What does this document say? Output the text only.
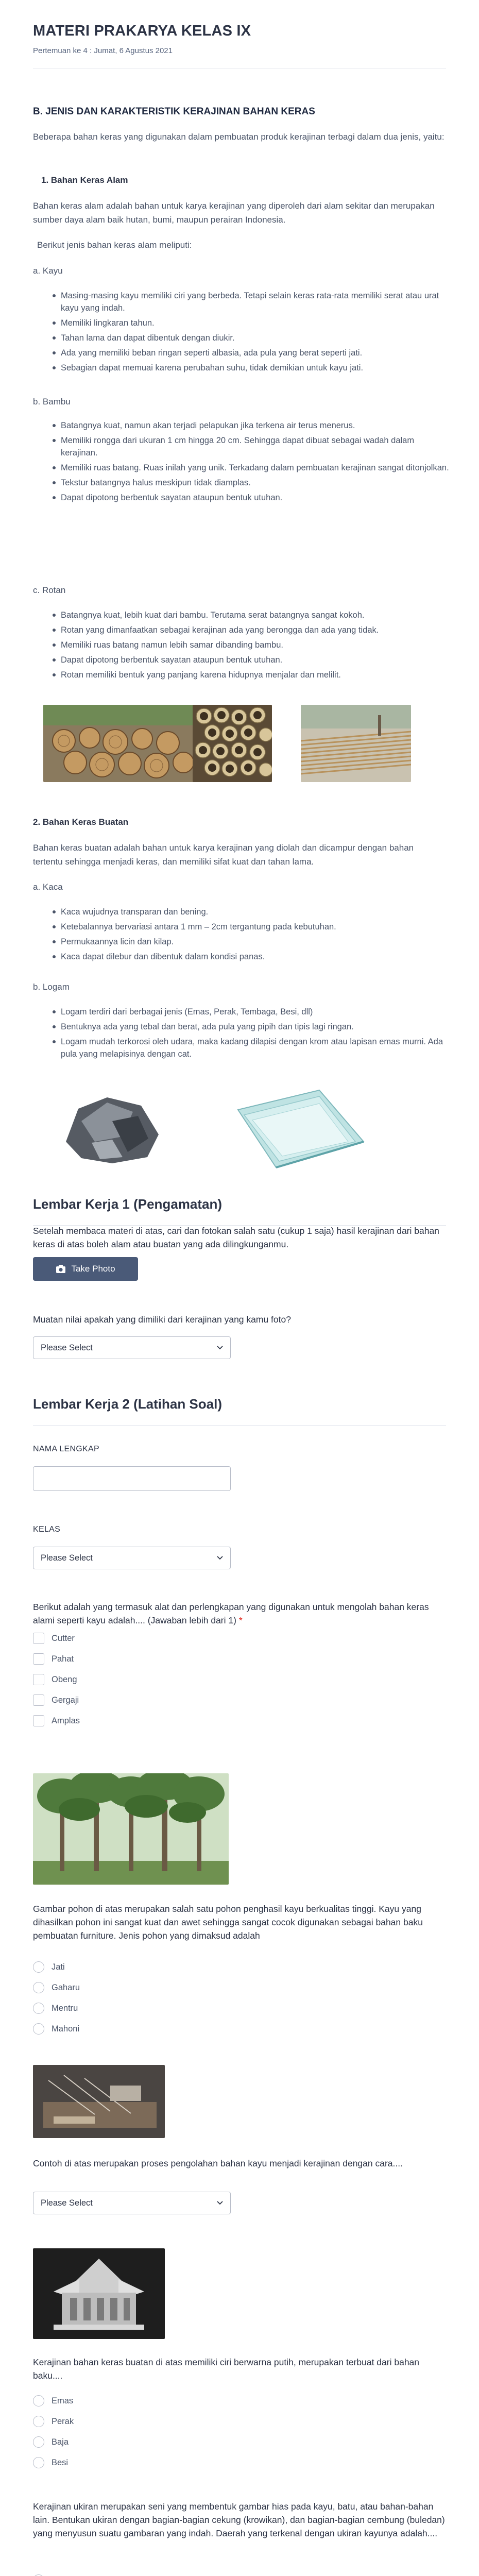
MATERI PRAKARYA KELAS IX
Pertemuan ke 4 : Jumat, 6 Agustus 2021
B. JENIS DAN KARAKTERISTIK KERAJINAN BAHAN KERAS
Beberapa bahan keras yang digunakan dalam pembuatan produk kerajinan terbagi dalam dua jenis, yaitu:
1. Bahan Keras Alam
Bahan keras alam adalah bahan untuk karya kerajinan yang diperoleh dari alam sekitar dan merupakan sumber daya alam baik hutan, bumi, maupun perairan Indonesia.
Berikut jenis bahan keras alam meliputi:
a. Kayu
Masing-masing kayu memiliki ciri yang berbeda. Tetapi selain keras rata-rata memiliki serat atau urat kayu yang indah.
Memiliki lingkaran tahun.
Tahan lama dan dapat dibentuk dengan diukir.
Ada yang memiliki beban ringan seperti albasia, ada pula yang berat seperti jati.
Sebagian dapat memuai karena perubahan suhu, tidak demikian untuk kayu jati.
b. Bambu
Batangnya kuat, namun akan terjadi pelapukan jika terkena air terus menerus.
Memiliki rongga dari ukuran 1 cm hingga 20 cm. Sehingga dapat dibuat sebagai wadah dalam kerajinan.
Memiliki ruas batang. Ruas inilah yang unik. Terkadang dalam pembuatan kerajinan sangat ditonjolkan.
Tekstur batangnya halus meskipun tidak diamplas.
Dapat dipotong berbentuk sayatan ataupun bentuk utuhan.
c. Rotan
Batangnya kuat, lebih kuat dari bambu. Terutama serat batangnya sangat kokoh.
Rotan yang dimanfaatkan sebagai kerajinan ada yang berongga dan ada yang tidak.
Memiliki ruas batang namun lebih samar dibanding bambu.
Dapat dipotong berbentuk sayatan ataupun bentuk utuhan.
Rotan memiliki bentuk yang panjang karena hidupnya menjalar dan melilit.
2. Bahan Keras Buatan
Bahan keras buatan adalah bahan untuk karya kerajinan yang diolah dan dicampur dengan bahan tertentu sehingga menjadi keras, dan memiliki sifat kuat dan tahan lama.
a. Kaca
Kaca wujudnya transparan dan bening.
Ketebalannya bervariasi antara 1 mm – 2cm tergantung pada kebutuhan.
Permukaannya licin dan kilap.
Kaca dapat dilebur dan dibentuk dalam kondisi panas.
b. Logam
Logam terdiri dari berbagai jenis (Emas, Perak, Tembaga, Besi, dll)
Bentuknya ada yang tebal dan berat, ada pula yang pipih dan tipis lagi ringan.
Logam mudah terkorosi oleh udara, maka kadang dilapisi dengan krom atau lapisan emas murni. Ada pula yang melapisinya dengan cat.
Lembar Kerja 1 (Pengamatan)
Setelah membaca materi di atas, cari dan fotokan salah satu (cukup 1 saja) hasil kerajinan dari bahan keras di atas boleh alam atau buatan yang ada dilingkunganmu.
Take Photo
Muatan nilai apakah yang dimiliki dari kerajinan yang kamu foto?
Please Select
Lembar Kerja 2 (Latihan Soal)
NAMA LENGKAP
KELAS
Please Select
Berikut adalah yang termasuk alat dan perlengkapan yang digunakan untuk mengolah bahan keras alami seperti kayu adalah.... (Jawaban lebih dari 1) *
Cutter
Pahat
Obeng
Gergaji
Amplas
Gambar pohon di atas merupakan salah satu pohon penghasil kayu berkualitas tinggi. Kayu yang dihasilkan pohon ini sangat kuat dan awet sehingga sangat cocok digunakan sebagai bahan baku pembuatan furniture. Jenis pohon yang dimaksud adalah
Jati
Gaharu
Mentru
Mahoni
Contoh di atas merupakan proses pengolahan bahan kayu menjadi kerajinan dengan cara....
Please Select
Kerajinan bahan keras buatan di atas memiliki ciri berwarna putih, merupakan terbuat dari bahan baku....
Emas
Perak
Baja
Besi
Kerajinan ukiran merupakan seni yang membentuk gambar hias pada kayu, batu, atau bahan-bahan lain. Bentukan ukiran dengan bagian-bagian cekung (krowikan), dan bagian-bagian cembung (buledan) yang menyusun suatu gambaran yang indah. Daerah yang terkenal dengan ukiran kayunya adalah....
